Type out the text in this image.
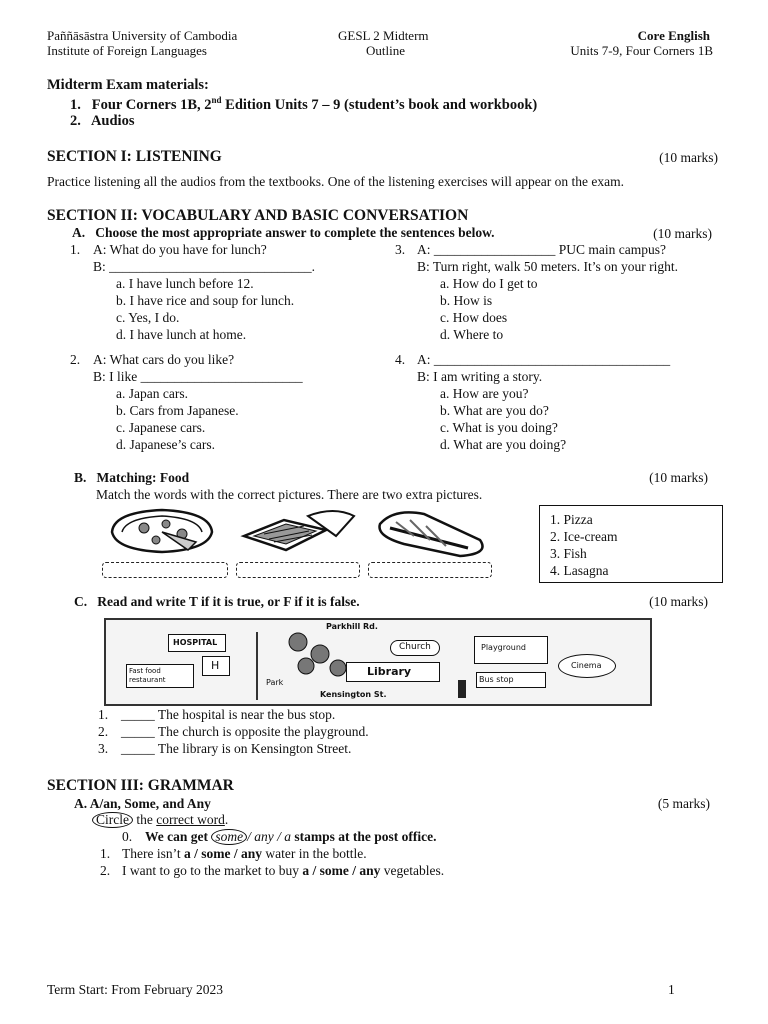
Paññāsāstra University of Cambodia
Institute of Foreign Languages
GESL 2 Midterm
Outline
Core English
Units 7-9, Four Corners 1B
Midterm Exam materials:
1. Four Corners 1B, 2nd Edition Units 7 – 9 (student’s book and workbook)
2. Audios
SECTION I: LISTENING	(10 marks)
Practice listening all the audios from the textbooks. One of the listening exercises will appear on the exam.
SECTION II: VOCABULARY AND BASIC CONVERSATION
A. Choose the most appropriate answer to complete the sentences below.	(10 marks)
1. A: What do you have for lunch?
B: ______________________________.
a. I have lunch before 12.
b. I have rice and soup for lunch.
c. Yes, I do.
d. I have lunch at home.
3. A: __________________ PUC main campus?
B: Turn right, walk 50 meters. It’s on your right.
a. How do I get to
b. How is
c. How does
d. Where to
2. A: What cars do you like?
B: I like ________________________
a. Japan cars.
b. Cars from Japanese.
c. Japanese cars.
d. Japanese’s cars.
4. A: ___________________________________
B: I am writing a story.
a. How are you?
b. What are you do?
c. What is you doing?
d. What are you doing?
B. Matching: Food	(10 marks)
Match the words with the correct pictures. There are two extra pictures.
1. Pizza
2. Ice-cream
3. Fish
4. Lasagna
C. Read and write T if it is true, or F if it is false.	(10 marks)
Parkhill Rd.
HOSPITAL
H
Fast food restaurant	Park
Church
Library
Kensington St.
Playground
Bus stop
Cinema
1. _____ The hospital is near the bus stop.
2. _____ The church is opposite the playground.
3. _____ The library is on Kensington Street.
SECTION III: GRAMMAR
A. A/an, Some, and Any	(5 marks)
Circle the correct word.
0. We can get some / any / a stamps at the post office.
1. There isn’t a / some / any water in the bottle.
2. I want to go to the market to buy a / some / any vegetables.
Term Start: From February 2023	1
